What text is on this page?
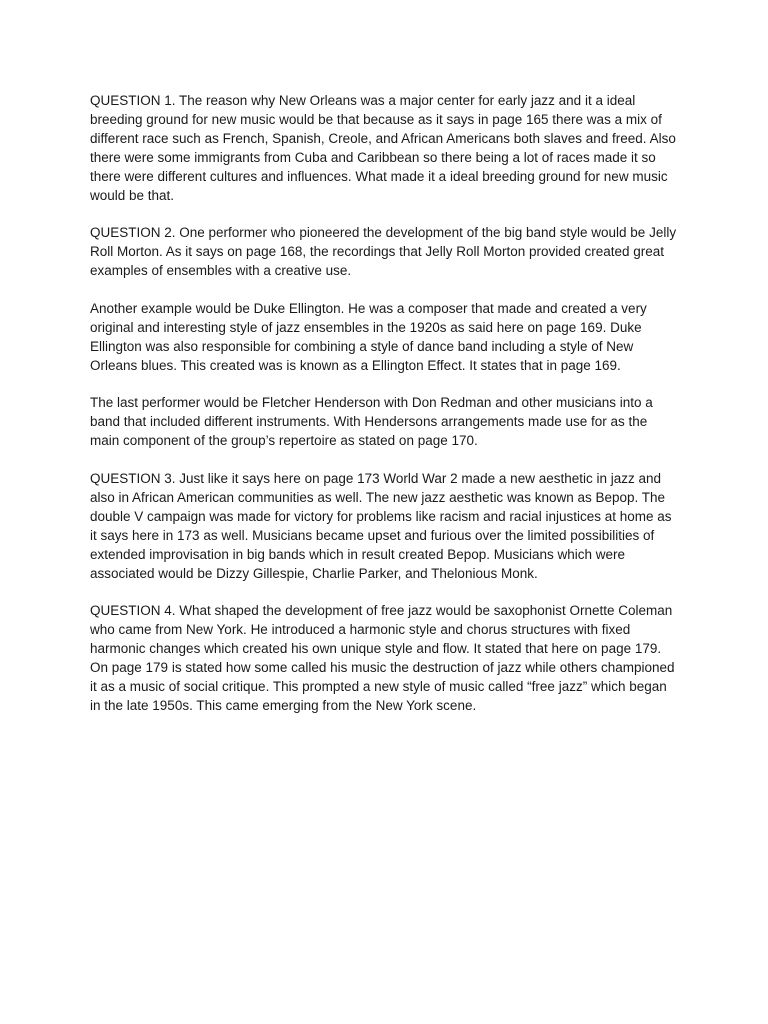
QUESTION 1. The reason why New Orleans was a major center for early jazz and it a ideal breeding ground for new music would be that because as it says in page 165 there was a mix of different race such as French, Spanish, Creole, and African Americans both slaves and freed. Also there were some immigrants from Cuba and Caribbean so there being a lot of races made it so there were different cultures and influences. What made it a ideal breeding ground for new music would be that.

QUESTION 2. One performer who pioneered the development of the big band style would be Jelly Roll Morton. As it says on page 168, the recordings that Jelly Roll Morton provided created great examples of ensembles with a creative use.

Another example would be Duke Ellington. He was a composer that made and created a very original and interesting style of jazz ensembles in the 1920s as said here on page 169. Duke Ellington was also responsible for combining a style of dance band including a style of New Orleans blues. This created was is known as a Ellington Effect. It states that in page 169.

The last performer would be Fletcher Henderson with Don Redman and other musicians into a band that included different instruments. With Hendersons arrangements made use for as the main component of the group’s repertoire as stated on page 170.

QUESTION 3. Just like it says here on page 173 World War 2 made a new aesthetic in jazz and also in African American communities as well. The new jazz aesthetic was known as Bepop. The double V campaign was made for victory for problems like racism and racial injustices at home as it says here in 173 as well. Musicians became upset and furious over the limited possibilities of extended improvisation in big bands which in result created Bepop. Musicians which were associated would be Dizzy Gillespie, Charlie Parker, and Thelonious Monk.

QUESTION 4. What shaped the development of free jazz would be saxophonist Ornette Coleman who came from New York. He introduced a harmonic style and chorus structures with fixed harmonic changes which created his own unique style and flow. It stated that here on page 179. On page 179 is stated how some called his music the destruction of jazz while others championed it as a music of social critique. This prompted a new style of music called “free jazz” which began in the late 1950s. This came emerging from the New York scene.
